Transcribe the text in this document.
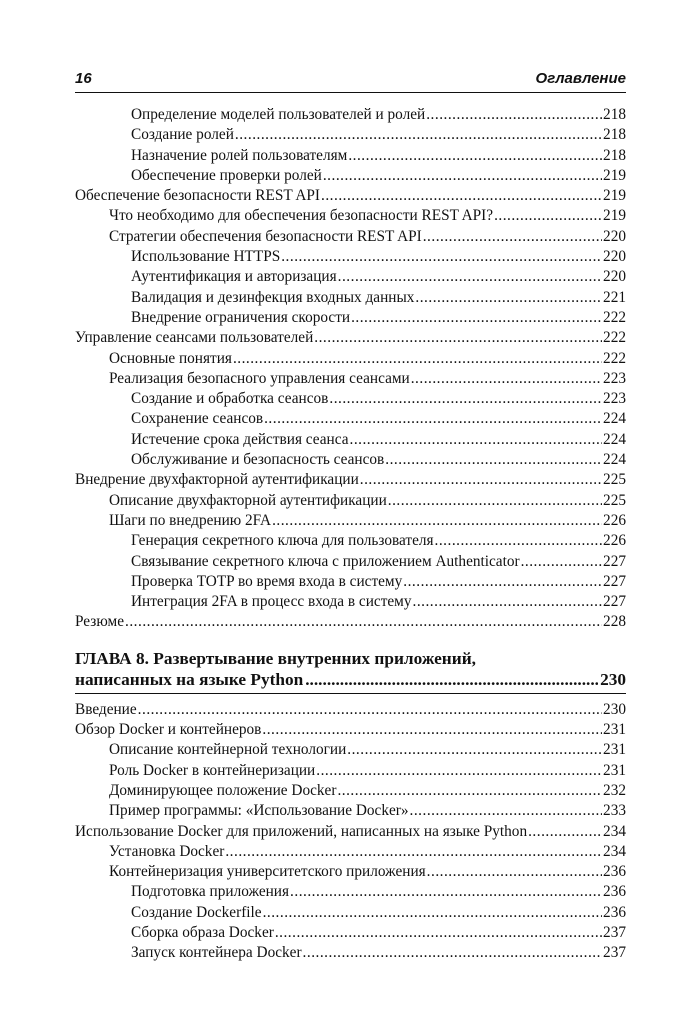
16	Оглавление
Определение моделей пользователей и ролей .....	218
Создание ролей .....	218
Назначение ролей пользователям .....	218
Обеспечение проверки ролей .....	219
Обеспечение безопасности REST API .....	219
Что необходимо для обеспечения безопасности REST API? .....	219
Стратегии обеспечения безопасности REST API .....	220
Использование HTTPS .....	220
Аутентификация и авторизация .....	220
Валидация и дезинфекция входных данных .....	221
Внедрение ограничения скорости .....	222
Управление сеансами пользователей .....	222
Основные понятия .....	222
Реализация безопасного управления сеансами .....	223
Создание и обработка сеансов .....	223
Сохранение сеансов .....	224
Истечение срока действия сеанса .....	224
Обслуживание и безопасность сеансов .....	224
Внедрение двухфакторной аутентификации .....	225
Описание двухфакторной аутентификации .....	225
Шаги по внедрению 2FA .....	226
Генерация секретного ключа для пользователя .....	226
Связывание секретного ключа с приложением Authenticator .....	227
Проверка TOTP во время входа в систему .....	227
Интеграция 2FA в процесс входа в систему .....	227
Резюме .....	228
ГЛАВА 8. Развертывание внутренних приложений,
написанных на языке Python .....	230
Введение .....	230
Обзор Docker и контейнеров .....	231
Описание контейнерной технологии .....	231
Роль Docker в контейнеризации .....	231
Доминирующее положение Docker .....	232
Пример программы: «Использование Docker» .....	233
Использование Docker для приложений, написанных на языке Python .....	234
Установка Docker .....	234
Контейнеризация университетского приложения .....	236
Подготовка приложения .....	236
Создание Dockerfile .....	236
Сборка образа Docker .....	237
Запуск контейнера Docker .....	237
